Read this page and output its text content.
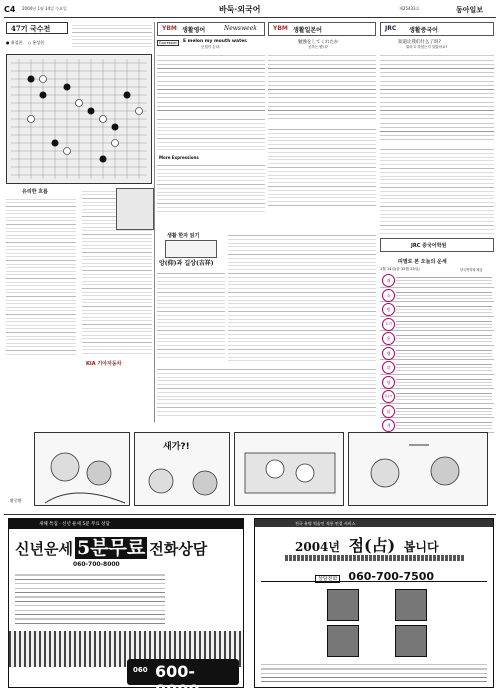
C4 2004년 1월 14일 수요일	바둑·외국어	제25433호	동아일보
47기 국수전
● 최철한 ○ 윤성현
유리한 흐름
KIA 기아자동차
YBM 생활영어	Newsweek
Expression	E melon my mouth water.
군침이 돈다.
More Expressions
YBM 생활일본어
勉強をしてくれたか
공부는 했니?
JRC 생활중국어
知道让我们什么了吗?
뭐라고 하셨는지 알았어요?
JRC 중국어학원
생활 한자 읽기
앙(仰)과 길상(吉祥)	띠별로 본 오늘의 운세
1월 14일(음 12월 23일)	한국역학회 제공
쥐
소
범
토끼
용
뱀
말
양
원숭이
닭
개
황중환
새가?!
새해 특집 · 신년 운세 5분 무료 상담
신년운세 5분무료 전화상담
060-700-8000
060 600-8000
전국 유명 역술인 직통 연결 서비스
2004년 점(占) 봅니다
상담전화 060-700-7500
